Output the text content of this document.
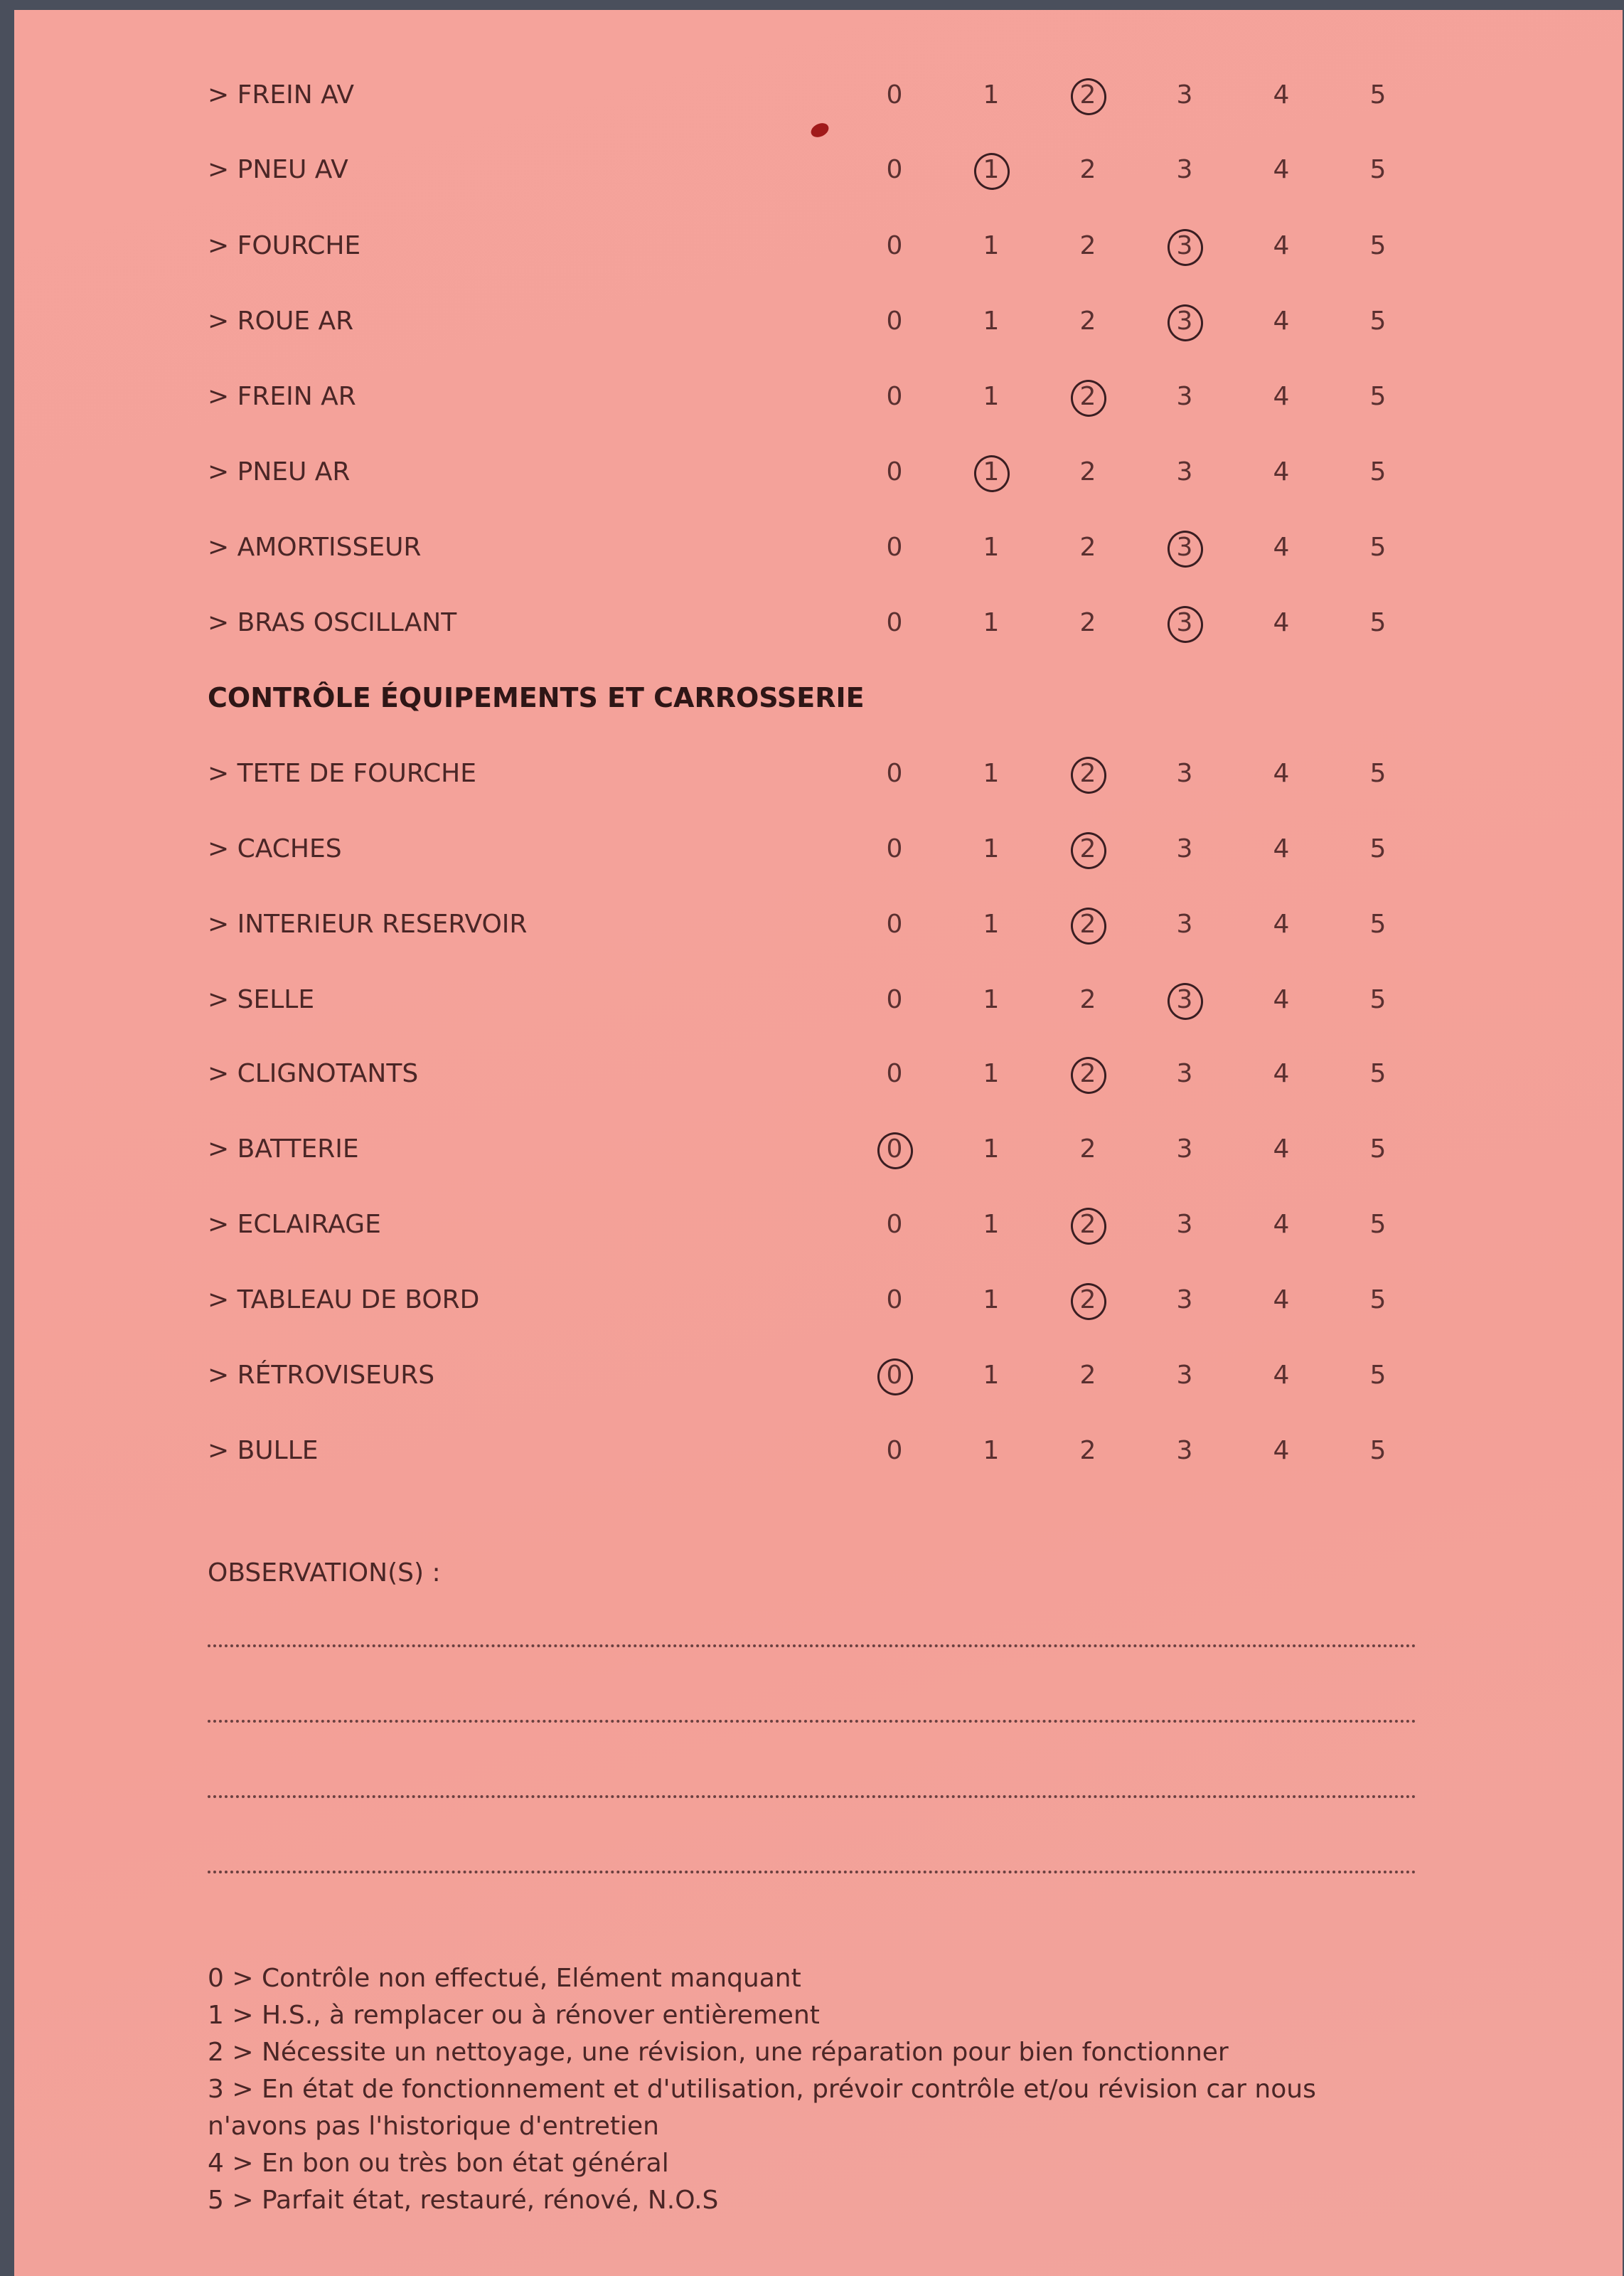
> FREIN AV	0	1	2	3	4	5
> PNEU AV	0	1	2	3	4	5
> FOURCHE	0	1	2	3	4	5
> ROUE AR	0	1	2	3	4	5
> FREIN AR	0	1	2	3	4	5
> PNEU AR	0	1	2	3	4	5
> AMORTISSEUR	0	1	2	3	4	5
> BRAS OSCILLANT	0	1	2	3	4	5
> TETE DE FOURCHE	0	1	2	3	4	5
> CACHES	0	1	2	3	4	5
> INTERIEUR RESERVOIR	0	1	2	3	4	5
> SELLE	0	1	2	3	4	5
> CLIGNOTANTS	0	1	2	3	4	5
> BATTERIE	0	1	2	3	4	5
> ECLAIRAGE	0	1	2	3	4	5
> TABLEAU DE BORD	0	1	2	3	4	5
> RÉTROVISEURS	0	1	2	3	4	5
> BULLE	0	1	2	3	4	5
CONTRÔLE ÉQUIPEMENTS ET CARROSSERIE
OBSERVATION(S) :
0 > Contrôle non effectué, Elément manquant
1 > H.S., à remplacer ou à rénover entièrement
2 > Nécessite un nettoyage, une révision, une réparation pour bien fonctionner
3 > En état de fonctionnement et d'utilisation, prévoir contrôle et/ou révision car nous
n'avons pas l'historique d'entretien
4 > En bon ou très bon état général
5 > Parfait état, restauré, rénové, N.O.S
